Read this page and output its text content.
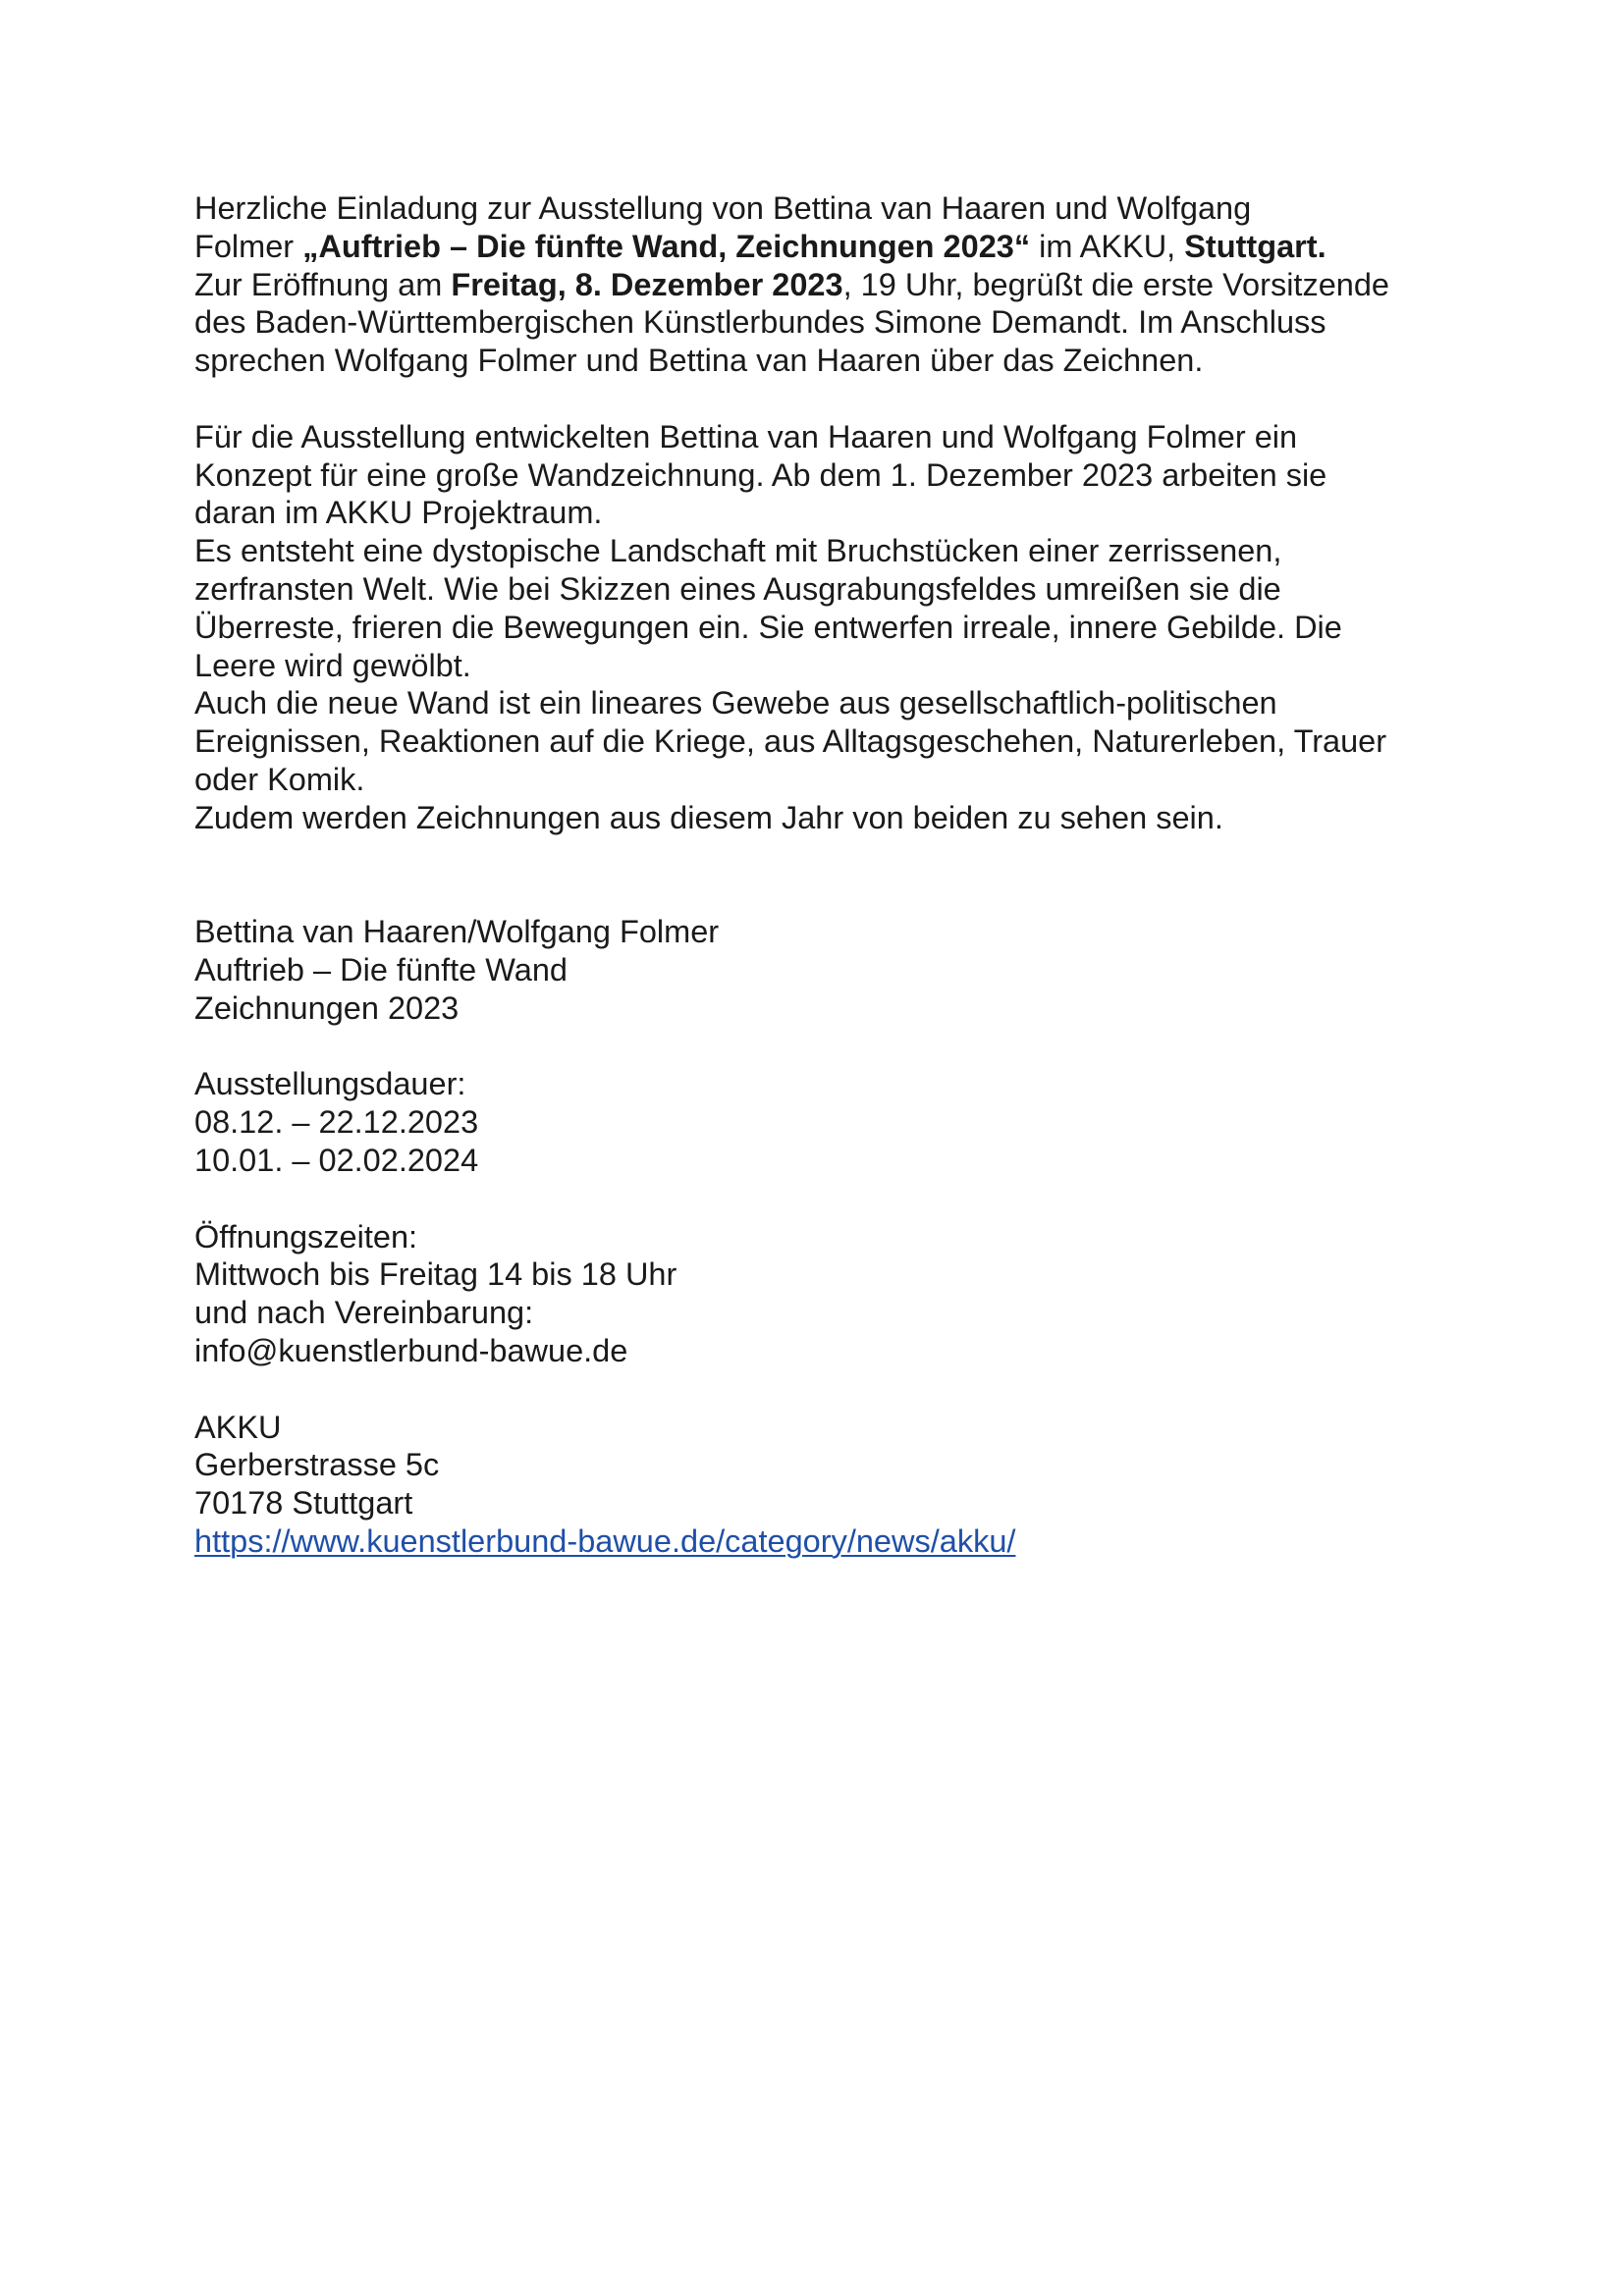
Herzliche Einladung zur Ausstellung von Bettina van Haaren und Wolfgang
Folmer „Auftrieb – Die fünfte Wand, Zeichnungen 2023“ im AKKU, Stuttgart.
Zur Eröffnung am Freitag, 8. Dezember 2023, 19 Uhr, begrüßt die erste Vorsitzende
des Baden-Württembergischen Künstlerbundes Simone Demandt. Im Anschluss
sprechen Wolfgang Folmer und Bettina van Haaren über das Zeichnen.
Für die Ausstellung entwickelten Bettina van Haaren und Wolfgang Folmer ein
Konzept für eine große Wandzeichnung. Ab dem 1. Dezember 2023 arbeiten sie
daran im AKKU Projektraum.
Es entsteht eine dystopische Landschaft mit Bruchstücken einer zerrissenen,
zerfransten Welt. Wie bei Skizzen eines Ausgrabungsfeldes umreißen sie die
Überreste, frieren die Bewegungen ein. Sie entwerfen irreale, innere Gebilde. Die
Leere wird gewölbt.
Auch die neue Wand ist ein lineares Gewebe aus gesellschaftlich-politischen
Ereignissen, Reaktionen auf die Kriege, aus Alltagsgeschehen, Naturerleben, Trauer
oder Komik.
Zudem werden Zeichnungen aus diesem Jahr von beiden zu sehen sein.
Bettina van Haaren/Wolfgang Folmer
Auftrieb – Die fünfte Wand
Zeichnungen 2023
Ausstellungsdauer:
08.12. – 22.12.2023
10.01. – 02.02.2024
Öffnungszeiten:
Mittwoch bis Freitag 14 bis 18 Uhr
und nach Vereinbarung:
info@kuenstlerbund-bawue.de
AKKU
Gerberstrasse 5c
70178 Stuttgart
https://www.kuenstlerbund-bawue.de/category/news/akku/
